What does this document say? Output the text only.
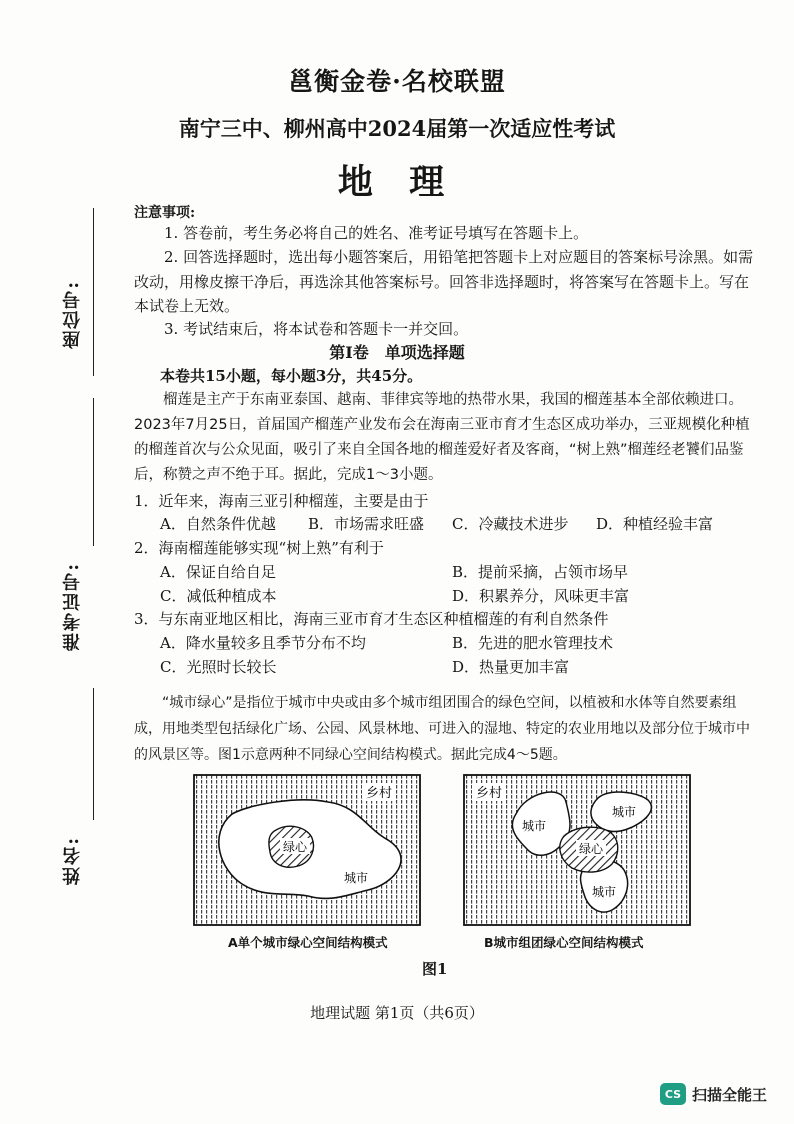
座位号:
准考证号:
姓名:
邕衡金卷·名校联盟
南宁三中、柳州高中2024届第一次适应性考试
地 理
注意事项:
1. 答卷前，考生务必将自己的姓名、准考证号填写在答题卡上。
2. 回答选择题时，选出每小题答案后，用铅笔把答题卡上对应题目的答案标号涂黑。如需改动，用橡皮擦干净后，再选涂其他答案标号。回答非选择题时，将答案写在答题卡上。写在本试卷上无效。
3. 考试结束后，将本试卷和答题卡一并交回。
第Ⅰ卷　单项选择题
本卷共15小题，每小题3分，共45分。
榴莲是主产于东南亚泰国、越南、菲律宾等地的热带水果，我国的榴莲基本全部依赖进口。2023年7月25日，首届国产榴莲产业发布会在海南三亚市育才生态区成功举办，三亚规模化种植的榴莲首次与公众见面，吸引了来自全国各地的榴莲爱好者及客商，“树上熟”榴莲经老饕们品鉴后，称赞之声不绝于耳。据此，完成1～3小题。
1．近年来，海南三亚引种榴莲，主要是由于
A．自然条件优越 B．市场需求旺盛 C．冷藏技术进步 D．种植经验丰富
2．海南榴莲能够实现“树上熟”有利于
A．保证自给自足	B．提前采摘，占领市场早
C．减低种植成本	D．积累养分，风味更丰富
3．与东南亚地区相比，海南三亚市育才生态区种植榴莲的有利自然条件
A．降水量较多且季节分布不均	B．先进的肥水管理技术
C．光照时长较长	D．热量更加丰富
“城市绿心”是指位于城市中央或由多个城市组团围合的绿色空间，以植被和水体等自然要素组成，用地类型包括绿化广场、公园、风景林地、可进入的湿地、特定的农业用地以及部分位于城市中的风景区等。图1示意两种不同绿心空间结构模式。据此完成4～5题。
绿心
城市
乡村
绿心
城市
城市
城市
乡村
A单个城市绿心空间结构模式	B城市组团绿心空间结构模式
图1
地理试题 第1页（共6页）
CS 扫描全能王
